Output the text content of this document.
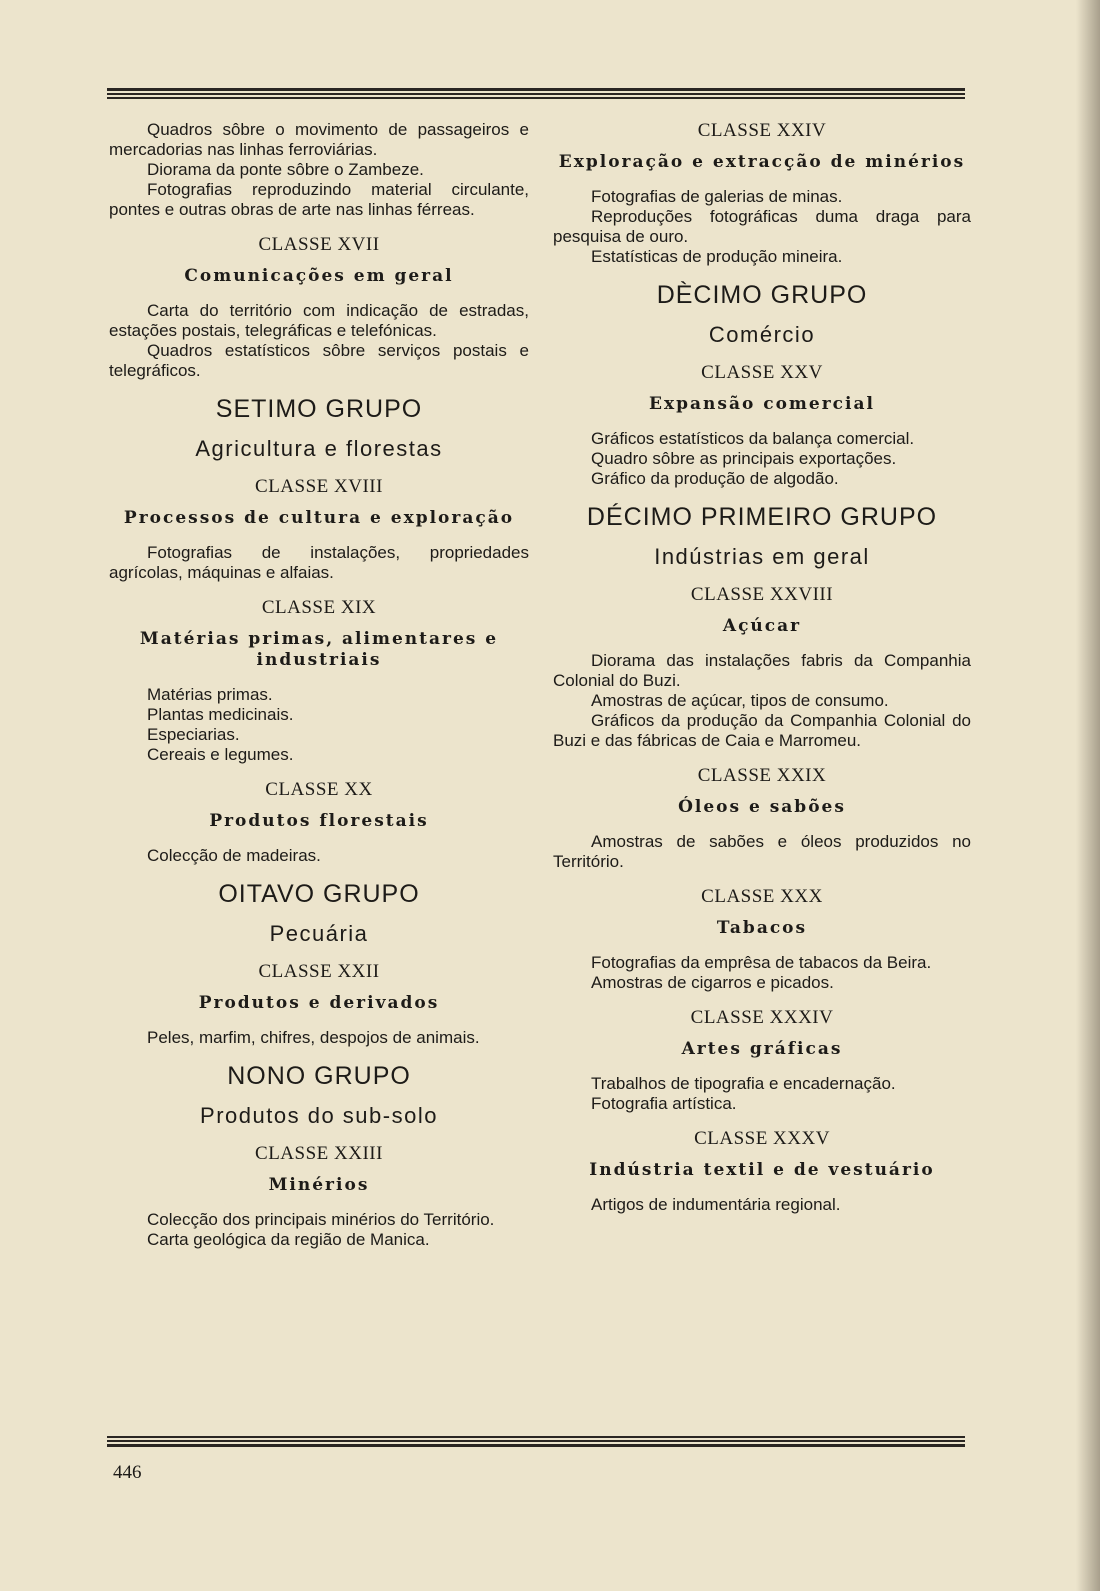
Quadros sôbre o movimento de passageiros e mercadorias nas linhas ferroviárias.

Diorama da ponte sôbre o Zambeze.

Fotografias reproduzindo material circulante, pontes e outras obras de arte nas linhas férreas.

CLASSE XVII
Comunicações em geral

Carta do território com indicação de estradas, estações postais, telegráficas e telefónicas.

Quadros estatísticos sôbre serviços postais e telegráficos.

SETIMO GRUPO
Agricultura e florestas
CLASSE XVIII
Processos de cultura e exploração

Fotografias de instalações, propriedades agrícolas, máquinas e alfaias.

CLASSE XIX
Matérias primas, alimentares e industriais

Matérias primas.

Plantas medicinais.

Especiarias.

Cereais e legumes.

CLASSE XX
Produtos florestais

Colecção de madeiras.

OITAVO GRUPO
Pecuária
CLASSE XXII
Produtos e derivados

Peles, marfim, chifres, despojos de animais.

NONO GRUPO
Produtos do sub-solo
CLASSE XXIII
Minérios

Colecção dos principais minérios do Território.

Carta geológica da região de Manica.

CLASSE XXIV
Exploração e extracção de minérios

Fotografias de galerias de minas.

Reproduções fotográficas duma draga para pesquisa de ouro.

Estatísticas de produção mineira.

DÈCIMO GRUPO
Comércio
CLASSE XXV
Expansão comercial

Gráficos estatísticos da balança comercial.

Quadro sôbre as principais exportações.

Gráfico da produção de algodão.

DÉCIMO PRIMEIRO GRUPO
Indústrias em geral
CLASSE XXVIII
Açúcar

Diorama das instalações fabris da Companhia Colonial do Buzi.

Amostras de açúcar, tipos de consumo.

Gráficos da produção da Companhia Colonial do Buzi e das fábricas de Caia e Marromeu.

CLASSE XXIX
Óleos e sabões

Amostras de sabões e óleos produzidos no Território.

CLASSE XXX
Tabacos

Fotografias da emprêsa de tabacos da Beira.

Amostras de cigarros e picados.

CLASSE XXXIV
Artes gráficas

Trabalhos de tipografia e encadernação.

Fotografia artística.

CLASSE XXXV
Indústria textil e de vestuário

Artigos de indumentária regional.

446
